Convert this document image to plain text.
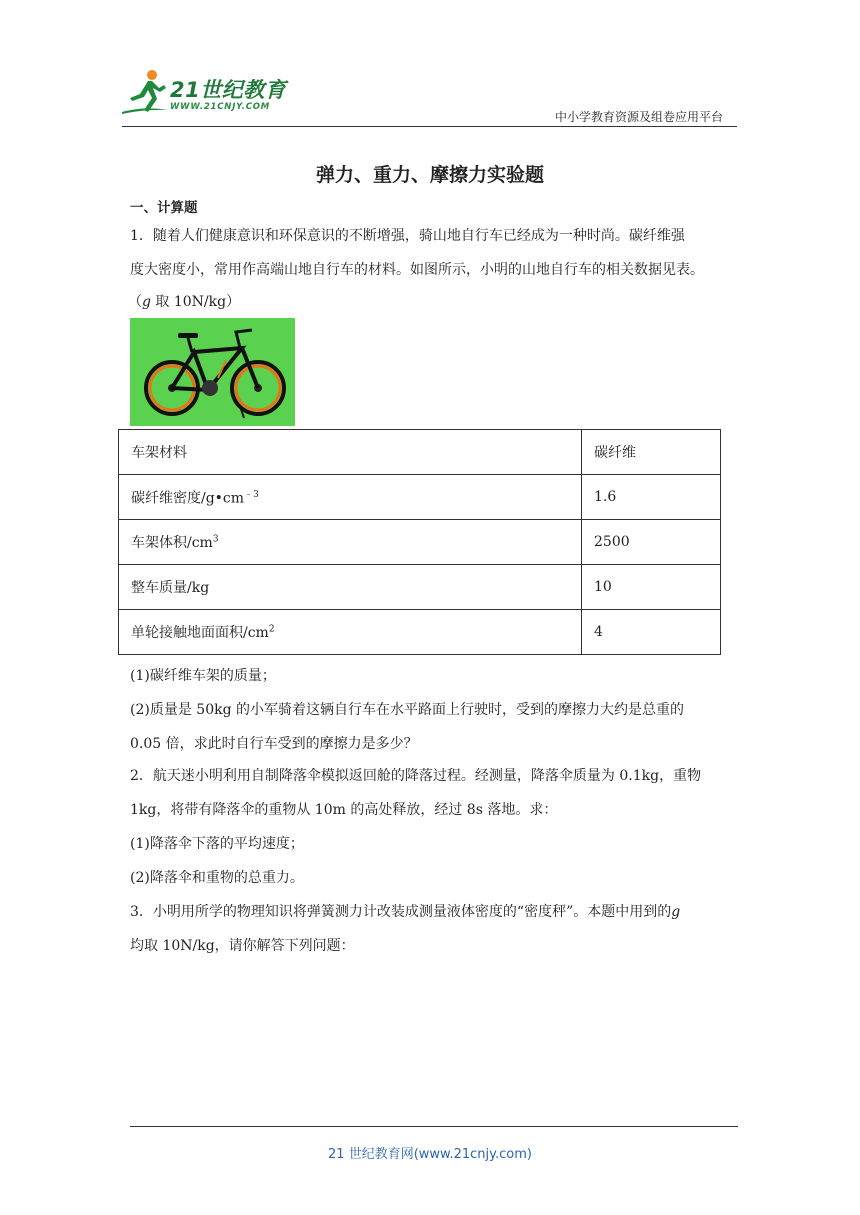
21世纪教育
WWW.21CNJY.COM
中小学教育资源及组卷应用平台
弹力、重力、摩擦力实验题
一、计算题
1．随着人们健康意识和环保意识的不断增强，骑山地自行车已经成为一种时尚。碳纤维强
度大密度小，常用作高端山地自行车的材料。如图所示，小明的山地自行车的相关数据见表。
（g 取 10N/kg）
车架材料	碳纤维
碳纤维密度$/g•cm^{﹣3}$	1.6
车架体积$/cm^3$	2500
整车质量/kg	10
单轮接触地面面积$/cm^2$	4
(1)碳纤维车架的质量；
(2)质量是 50kg 的小军骑着这辆自行车在水平路面上行驶时，受到的摩擦力大约是总重的
0.05 倍，求此时自行车受到的摩擦力是多少？
2．航天迷小明利用自制降落伞模拟返回舱的降落过程。经测量，降落伞质量为 0.1kg，重物
1kg，将带有降落伞的重物从 10m 的高处释放，经过 8s 落地。求：
(1)降落伞下落的平均速度；
(2)降落伞和重物的总重力。
3．小明用所学的物理知识将弹簧测力计改装成测量液体密度的“密度秤”。本题中用到的g
均取 10N/kg，请你解答下列问题：
21 世纪教育网(www.21cnjy.com)
